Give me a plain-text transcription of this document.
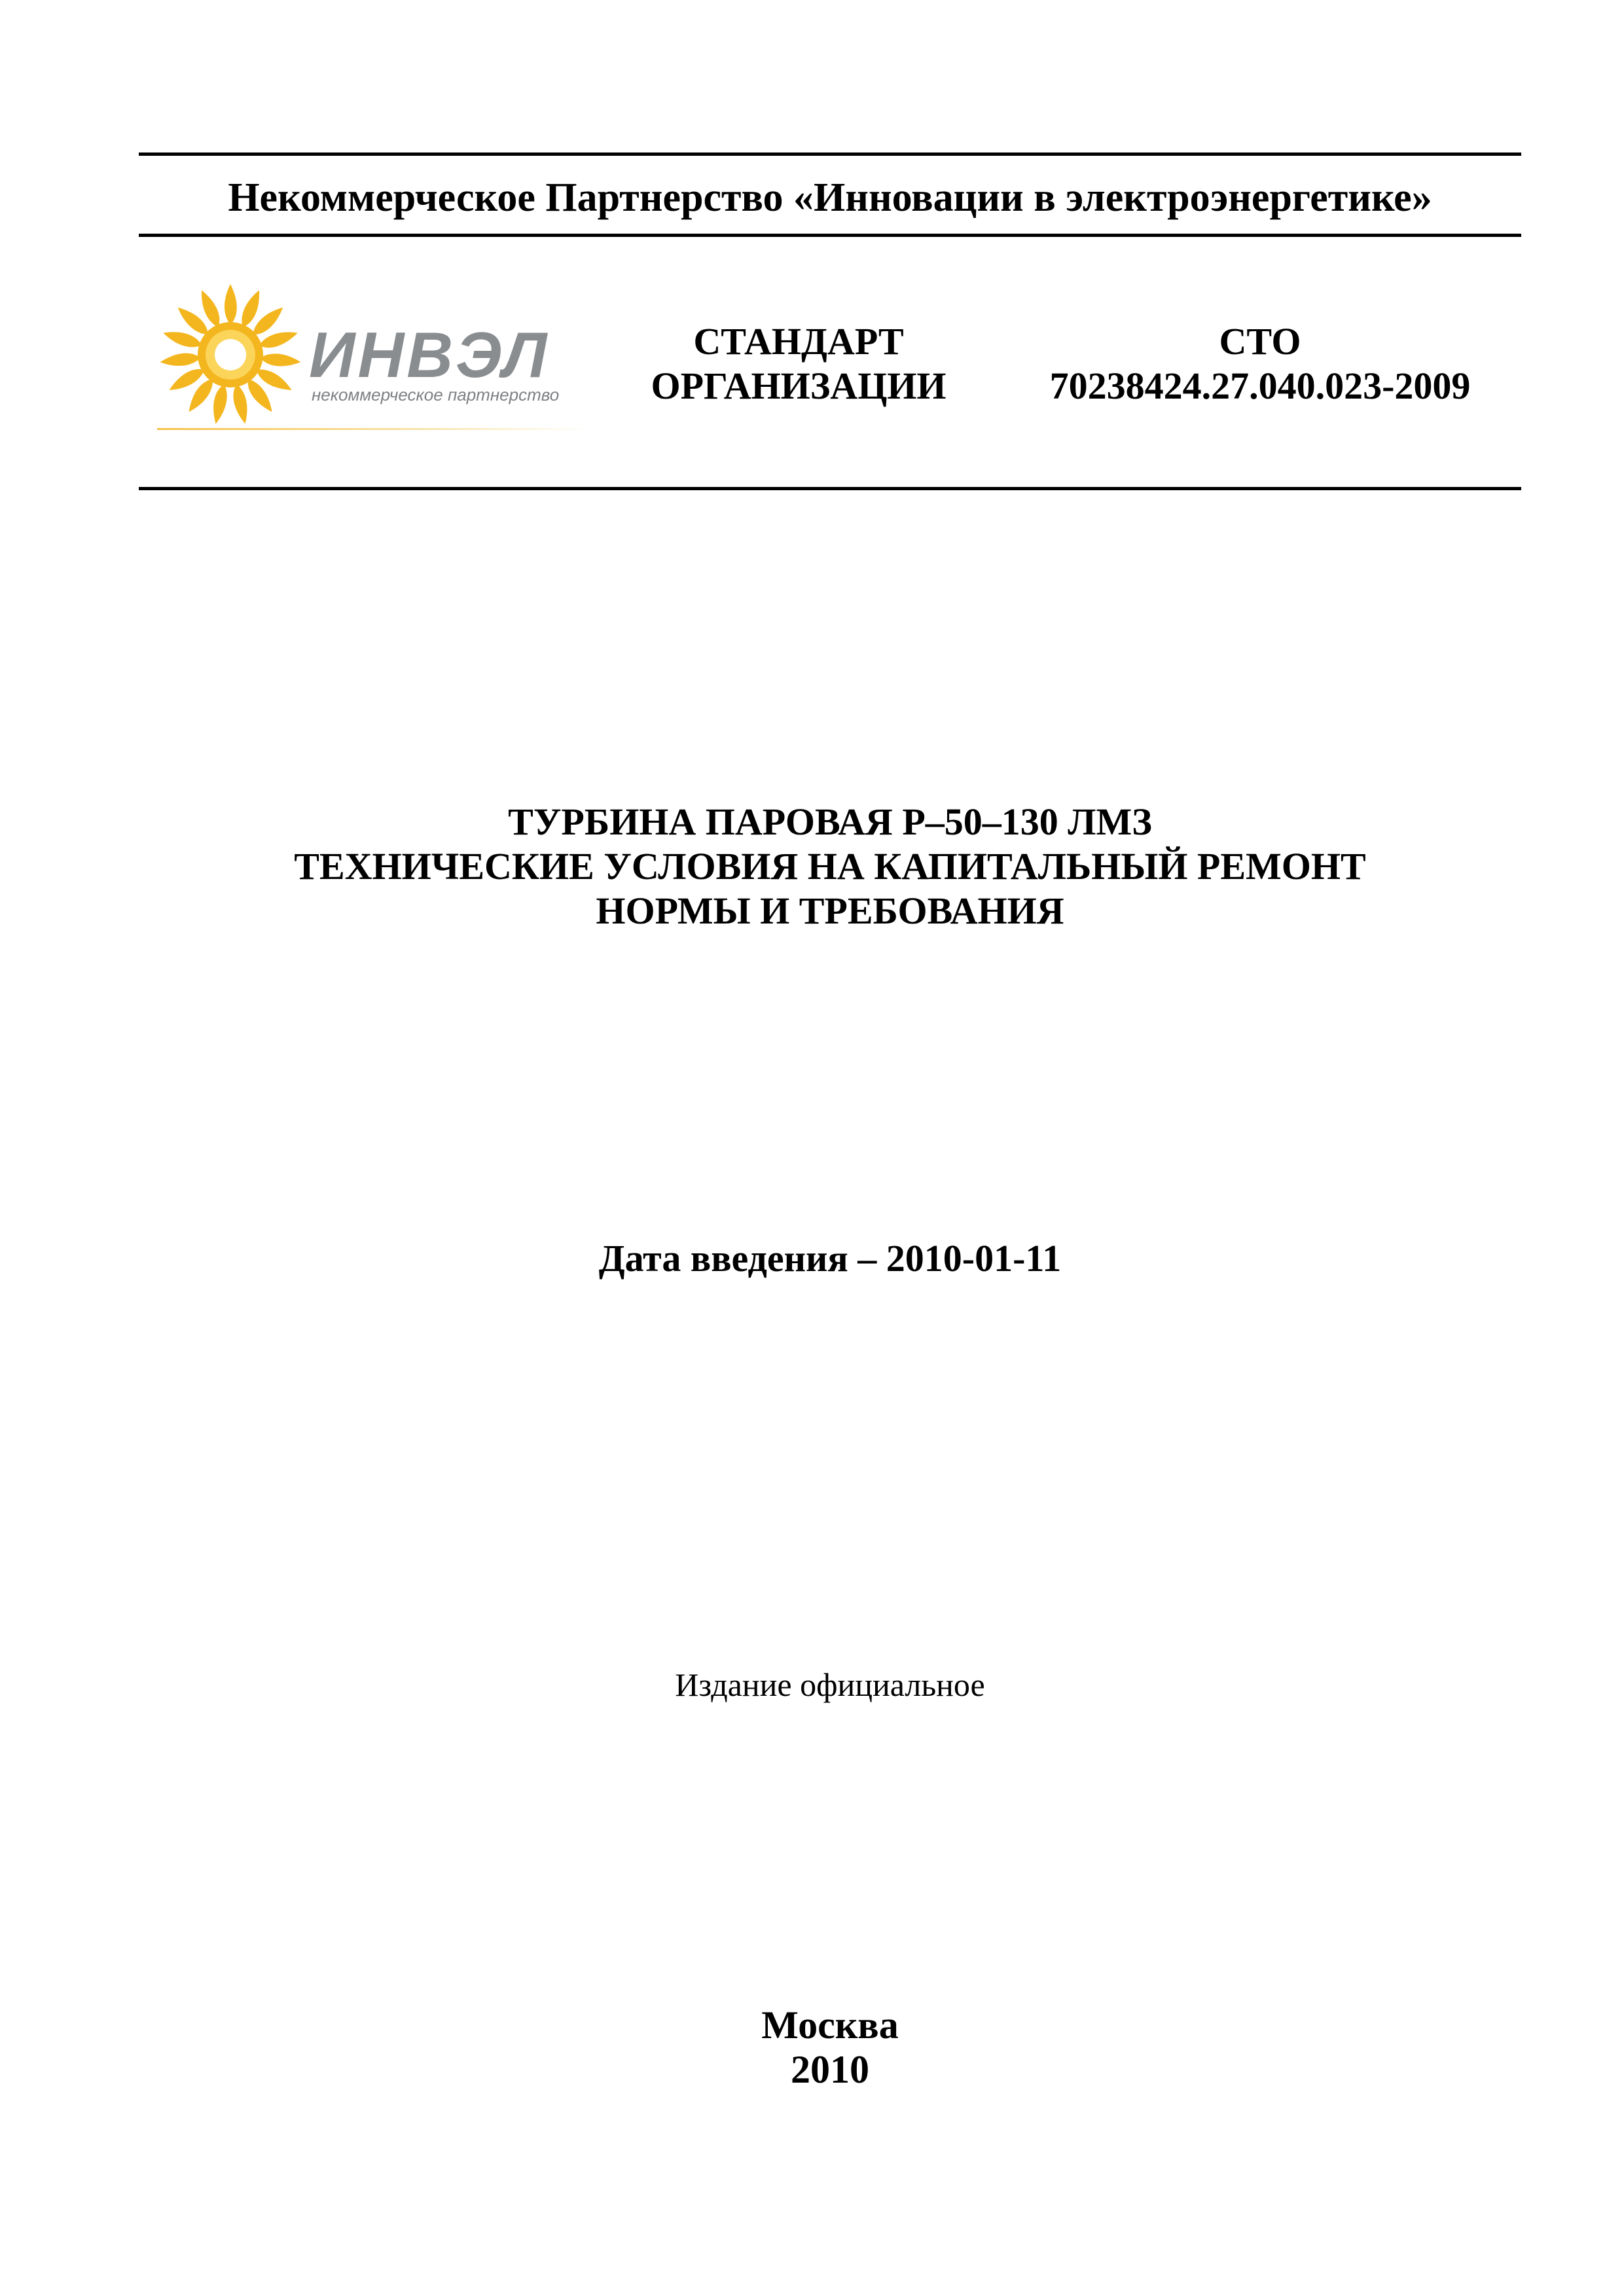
Некоммерческое Партнерство «Инновации в электроэнергетике»
ИНВЭЛ
некоммерческое партнерство
СТАНДАРТ
ОРГАНИЗАЦИИ
СТО
70238424.27.040.023-2009
ТУРБИНА ПАРОВАЯ Р–50–130 ЛМЗ
ТЕХНИЧЕСКИЕ УСЛОВИЯ НА КАПИТАЛЬНЫЙ РЕМОНТ
НОРМЫ И ТРЕБОВАНИЯ
Дата введения – 2010-01-11
Издание официальное
Москва
2010
